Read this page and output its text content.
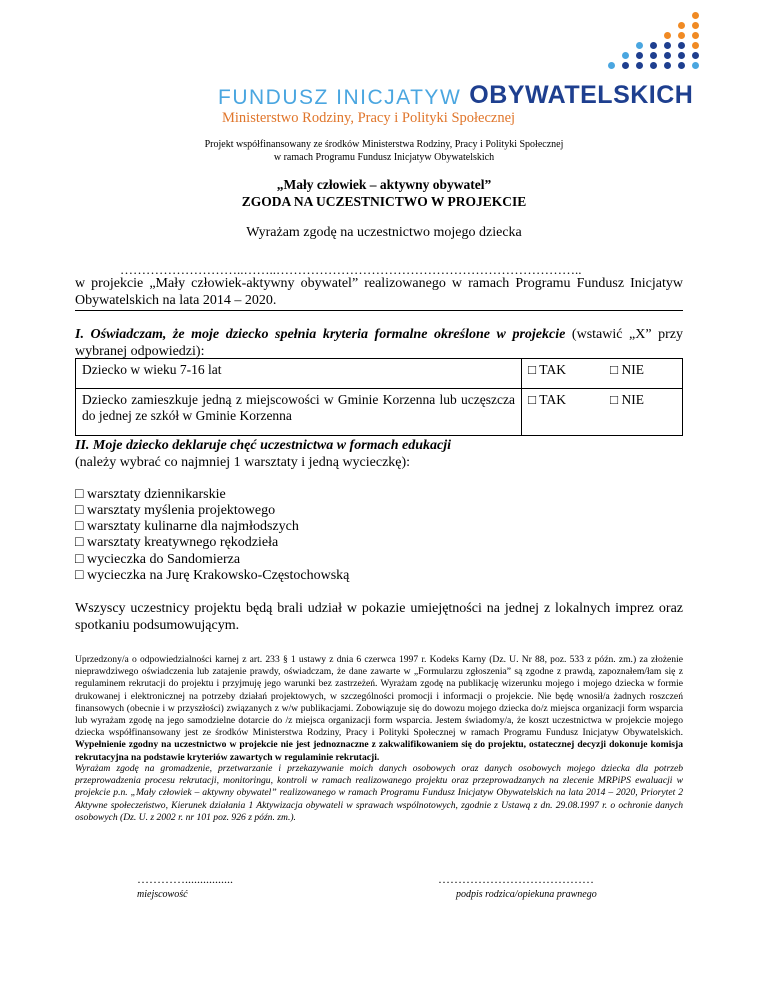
FUNDUSZ INICJATYW OBYWATELSKICH
Ministerstwo Rodziny, Pracy i Polityki Społecznej
Projekt współfinansowany ze środków Ministerstwa Rodziny, Pracy i Polityki Społecznej
w ramach Programu Fundusz Inicjatyw Obywatelskich
„Mały człowiek – aktywny obywatel”
ZGODA NA UCZESTNICTWO W PROJEKCIE
Wyrażam zgodę na uczestnictwo mojego dziecka
………………………..……..……………………………………………………………..
w projekcie „Mały człowiek-aktywny obywatel” realizowanego w ramach Programu Fundusz Inicjatyw Obywatelskich na lata 2014 – 2020.
I. Oświadczam, że moje dziecko spełnia kryteria formalne określone w projekcie (wstawić „X” przy wybranej odpowiedzi):
Dziecko w wieku 7-16 lat	□ TAK	□ NIE
Dziecko zamieszkuje jedną z miejscowości w Gminie Korzenna lub uczęszcza do jednej ze szkół w Gminie Korzenna	□ TAK	□ NIE
II. Moje dziecko deklaruje chęć uczestnictwa w formach edukacji
(należy wybrać co najmniej 1 warsztaty i jedną wycieczkę):
□ warsztaty dziennikarskie
□ warsztaty myślenia projektowego
□ warsztaty kulinarne dla najmłodszych
□ warsztaty kreatywnego rękodzieła
□ wycieczka do Sandomierza
□ wycieczka na Jurę Krakowsko-Częstochowską
Wszyscy uczestnicy projektu będą brali udział w pokazie umiejętności na jednej z lokalnych imprez oraz spotkaniu podsumowującym.
Uprzedzony/a o odpowiedzialności karnej z art. 233 § 1 ustawy z dnia 6 czerwca 1997 r. Kodeks Karny (Dz. U. Nr 88, poz. 533 z późn. zm.) za złożenie nieprawdziwego oświadczenia lub zatajenie prawdy, oświadczam, że dane zawarte w „Formularzu zgłoszenia” są zgodne z prawdą, zapoznałem/łam się z regulaminem rekrutacji do projektu i przyjmuję jego warunki bez zastrzeżeń. Wyrażam zgodę na publikację wizerunku mojego i mojego dziecka w formie drukowanej i elektronicznej na potrzeby działań projektowych, w szczególności promocji i informacji o projekcie. Nie będę wnosił/a żadnych roszczeń finansowych (obecnie i w przyszłości) związanych z w/w publikacjami. Zobowiązuje się do dowozu mojego dziecka do/z miejsca organizacji form wsparcia lub wyrażam zgodę na jego samodzielne dotarcie do /z miejsca organizacji form wsparcia. Jestem świadomy/a, że koszt uczestnictwa w projekcie mojego dziecka współfinansowany jest ze środków Ministerstwa Rodziny, Pracy i Polityki Społecznej w ramach Programu Fundusz Inicjatyw Obywatelskich. Wypełnienie zgodny na uczestnictwo w projekcie nie jest jednoznaczne z zakwalifikowaniem się do projektu, ostatecznej decyzji dokonuje komisja rekrutacyjna na podstawie kryteriów zawartych w regulaminie rekrutacji.
Wyrażam zgodę na gromadzenie, przetwarzanie i przekazywanie moich danych osobowych oraz danych osobowych mojego dziecka dla potrzeb przeprowadzenia procesu rekrutacji, monitoringu, kontroli w ramach realizowanego projektu oraz przeprowadzanych na zlecenie MRPiPS ewaluacji w projekcie p.n. „Mały człowiek – aktywny obywatel” realizowanego w ramach Programu Fundusz Inicjatyw Obywatelskich na lata 2014 – 2020, Priorytet 2 Aktywne społeczeństwo, Kierunek działania 1 Aktywizacja obywateli w sprawach wspólnotowych, zgodnie z Ustawą z dn. 29.08.1997 r. o ochronie danych osobowych (Dz. U. z 2002 r. nr 101 poz. 926 z późn. zm.).
…………................
miejscowość
…………………………………
podpis rodzica/opiekuna prawnego
